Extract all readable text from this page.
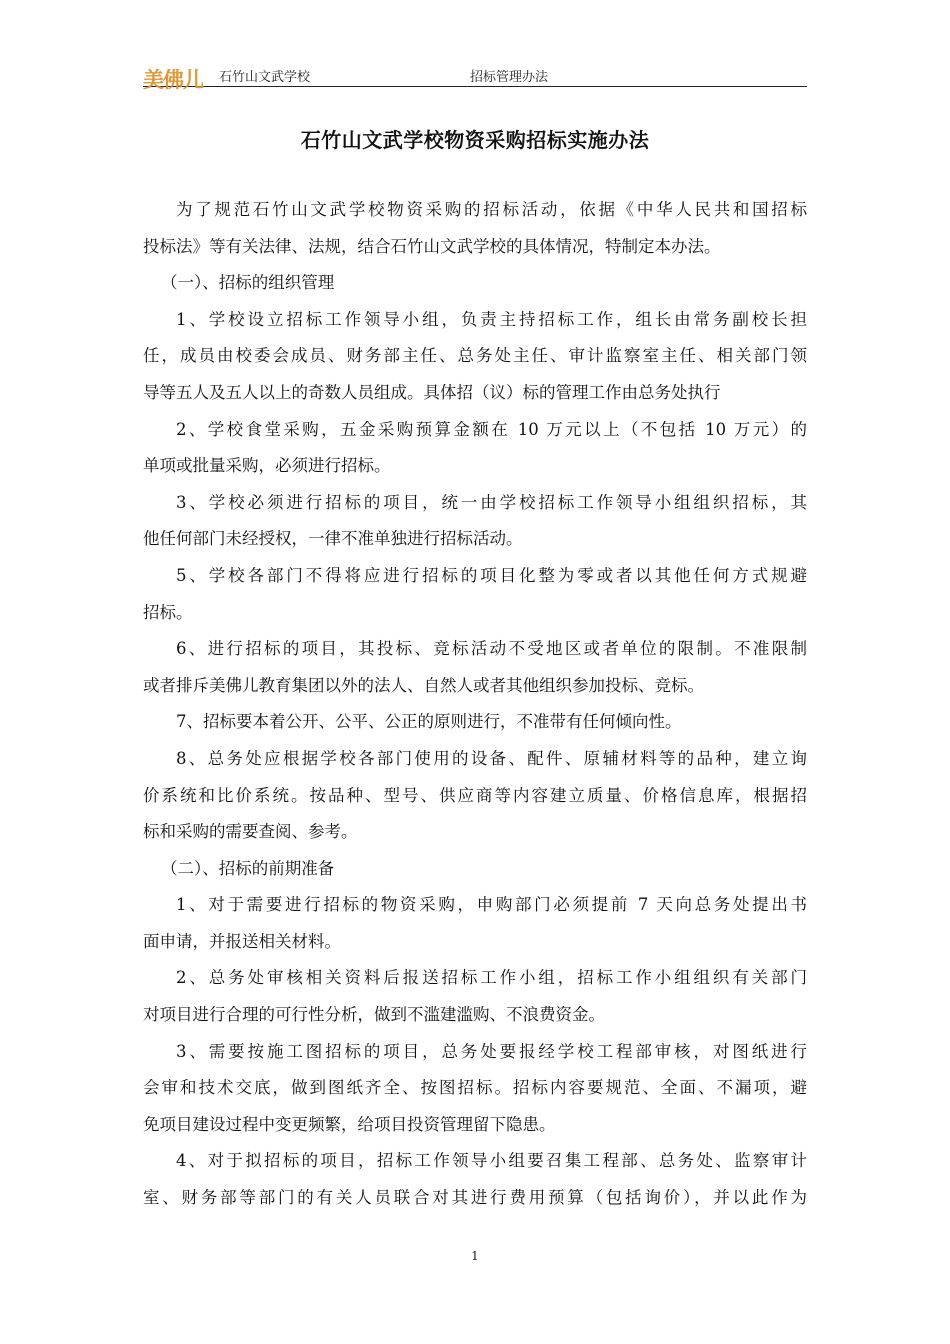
美佛儿 石竹山文武学校	招标管理办法
石竹山文武学校物资采购招标实施办法
为了规范石竹山文武学校物资采购的招标活动，依据《中华人民共和国招标
投标法》等有关法律、法规，结合石竹山文武学校的具体情况，特制定本办法。
（一）、招标的组织管理
1、学校设立招标工作领导小组，负责主持招标工作，组长由常务副校长担
任，成员由校委会成员、财务部主任、总务处主任、审计监察室主任、相关部门领
导等五人及五人以上的奇数人员组成。具体招（议）标的管理工作由总务处执行
2、学校食堂采购，五金采购预算金额在 10 万元以上（不包括 10 万元）的
单项或批量采购，必须进行招标。
3、学校必须进行招标的项目，统一由学校招标工作领导小组组织招标，其
他任何部门未经授权，一律不准单独进行招标活动。
5、学校各部门不得将应进行招标的项目化整为零或者以其他任何方式规避
招标。
6、进行招标的项目，其投标、竞标活动不受地区或者单位的限制。不准限制
或者排斥美佛儿教育集团以外的法人、自然人或者其他组织参加投标、竞标。
7、招标要本着公开、公平、公正的原则进行，不准带有任何倾向性。
8、总务处应根据学校各部门使用的设备、配件、原辅材料等的品种，建立询
价系统和比价系统。按品种、型号、供应商等内容建立质量、价格信息库，根据招
标和采购的需要查阅、参考。
（二）、招标的前期准备
1、对于需要进行招标的物资采购，申购部门必须提前 7 天向总务处提出书
面申请，并报送相关材料。
2、总务处审核相关资料后报送招标工作小组，招标工作小组组织有关部门
对项目进行合理的可行性分析，做到不滥建滥购、不浪费资金。
3、需要按施工图招标的项目，总务处要报经学校工程部审核，对图纸进行
会审和技术交底，做到图纸齐全、按图招标。招标内容要规范、全面、不漏项，避
免项目建设过程中变更频繁，给项目投资管理留下隐患。
4、对于拟招标的项目，招标工作领导小组要召集工程部、总务处、监察审计
室、财务部等部门的有关人员联合对其进行费用预算（包括询价），并以此作为
1
